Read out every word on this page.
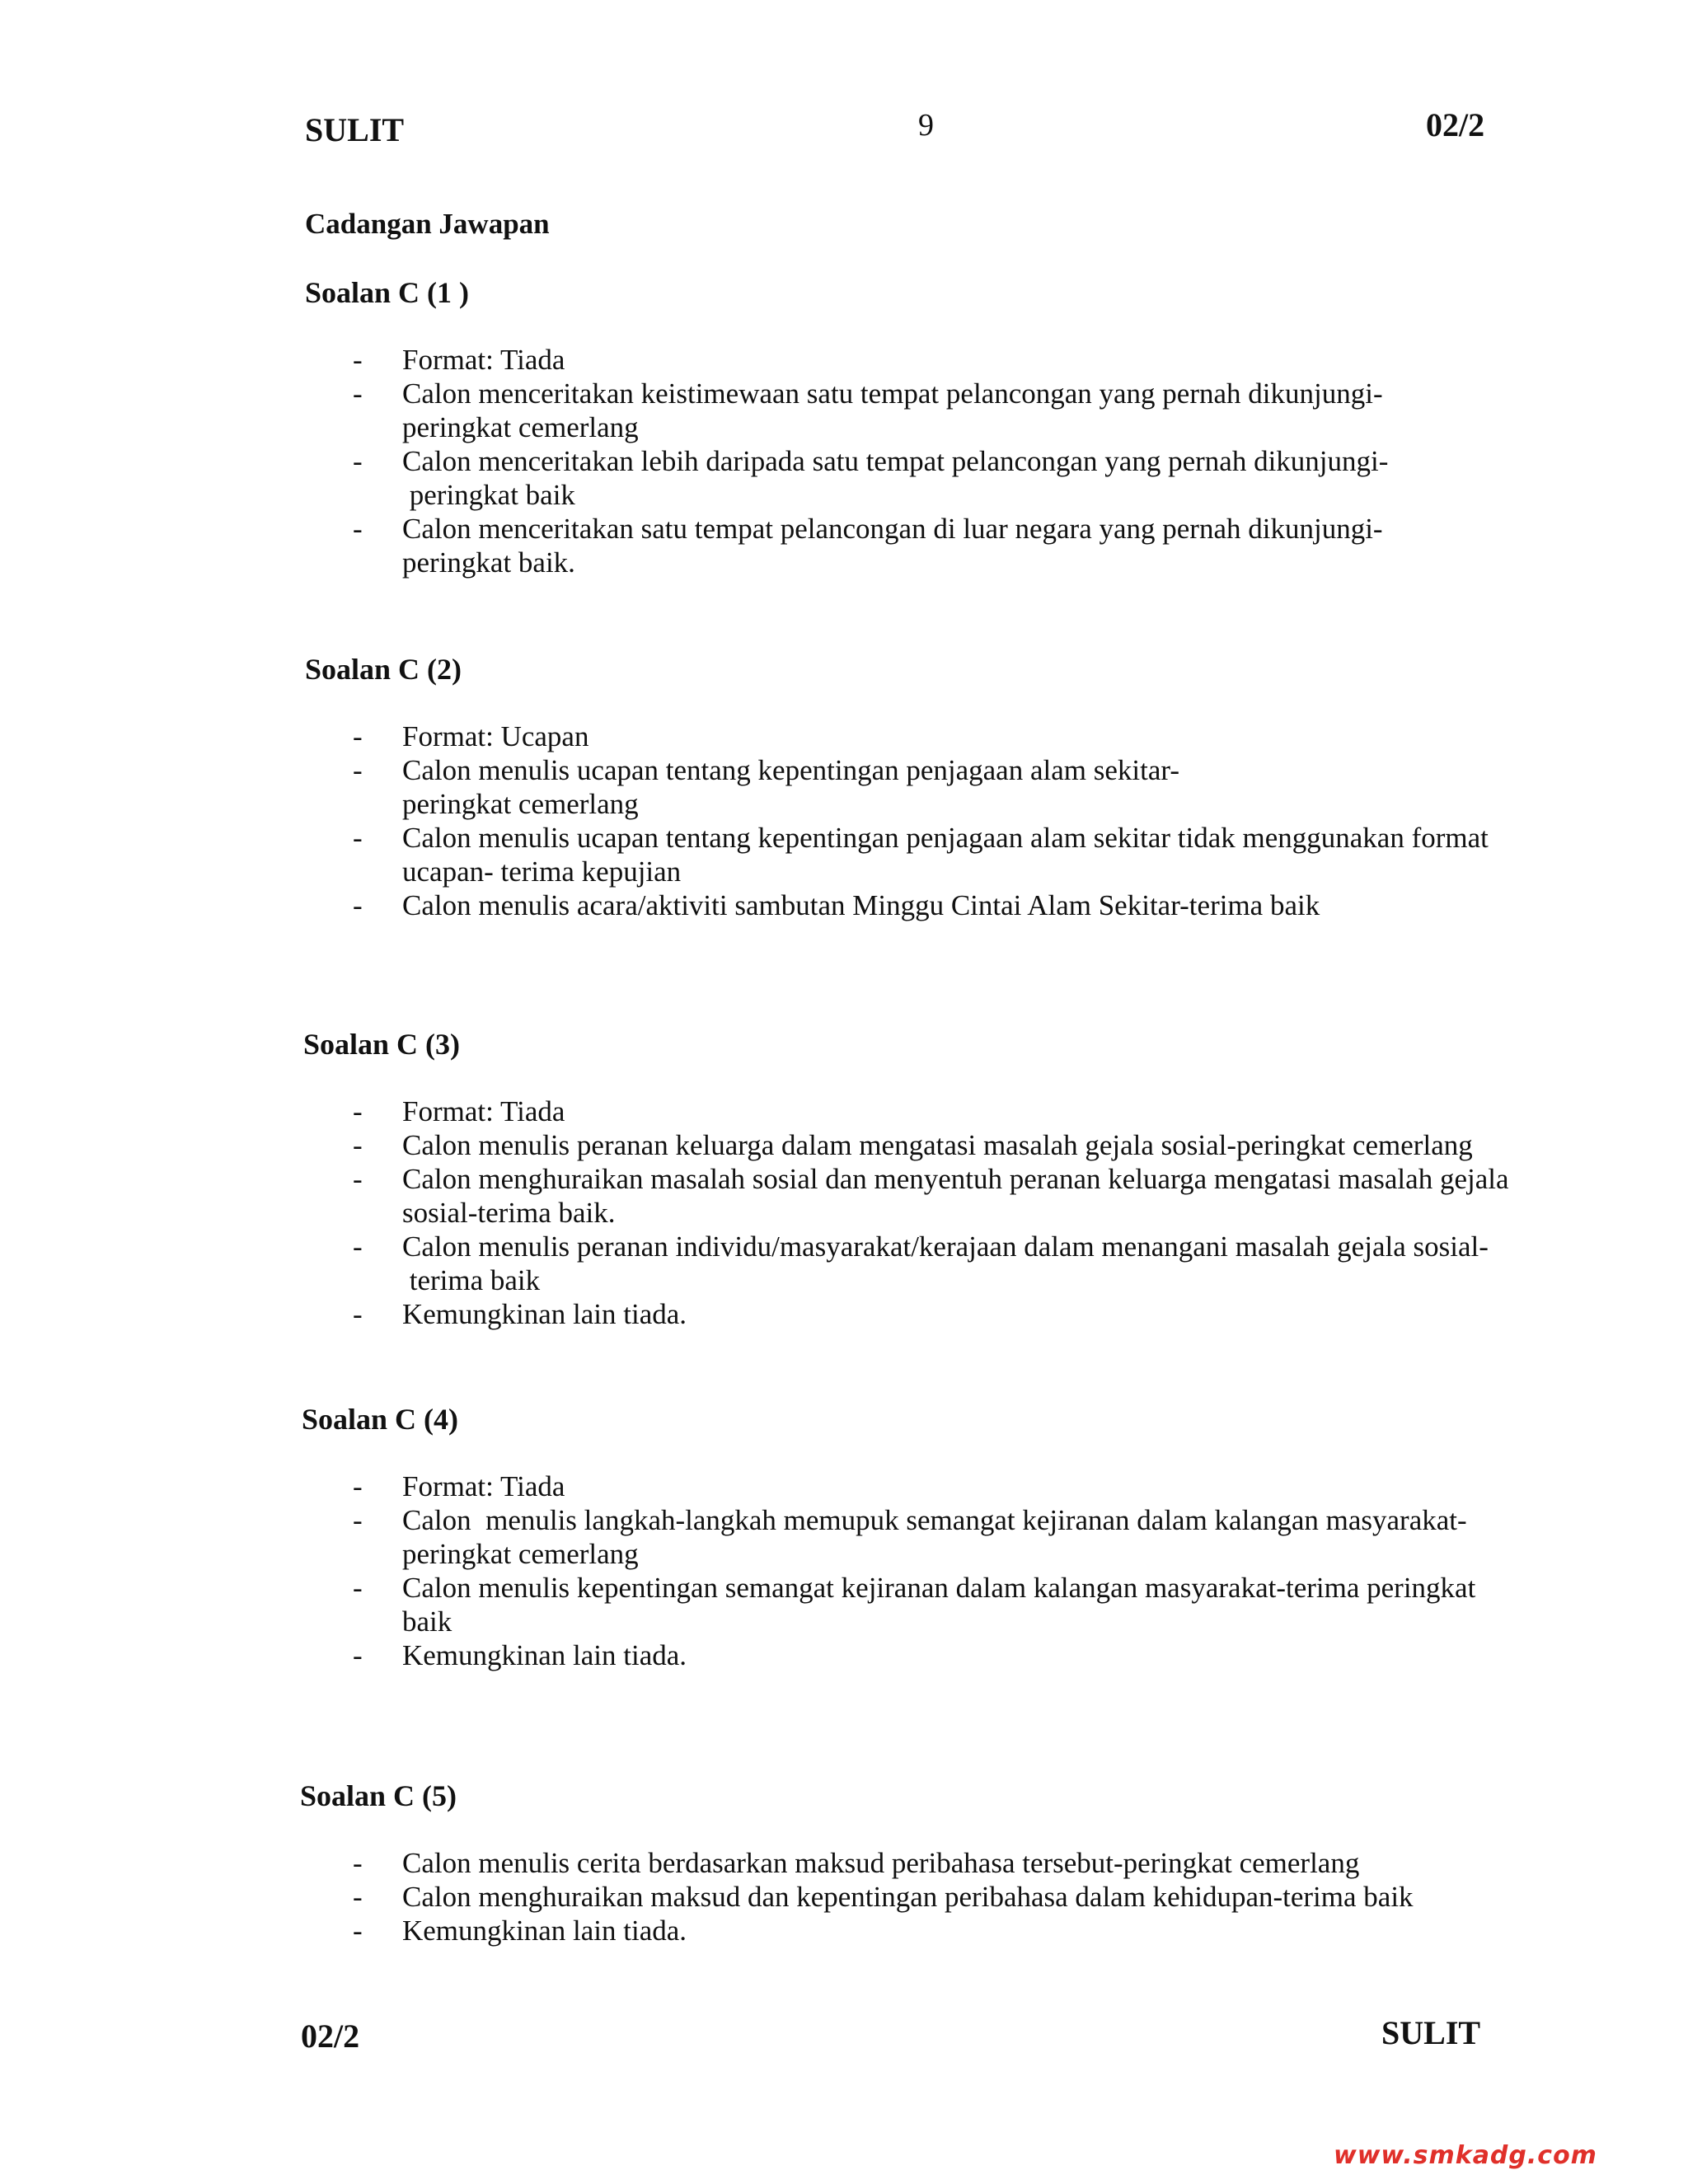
SULIT	9	02/2
Cadangan Jawapan
Soalan C (1 )
- Format: Tiada
- Calon menceritakan keistimewaan satu tempat pelancongan yang pernah dikunjungi-
peringkat cemerlang
- Calon menceritakan lebih daripada satu tempat pelancongan yang pernah dikunjungi-
peringkat baik
- Calon menceritakan satu tempat pelancongan di luar negara yang pernah dikunjungi-
peringkat baik.
Soalan C (2)
- Format: Ucapan
- Calon menulis ucapan tentang kepentingan penjagaan alam sekitar-
peringkat cemerlang
- Calon menulis ucapan tentang kepentingan penjagaan alam sekitar tidak menggunakan format
ucapan- terima kepujian
- Calon menulis acara/aktiviti sambutan Minggu Cintai Alam Sekitar-terima baik
Soalan C (3)
- Format: Tiada
- Calon menulis peranan keluarga dalam mengatasi masalah gejala sosial-peringkat cemerlang
- Calon menghuraikan masalah sosial dan menyentuh peranan keluarga mengatasi masalah gejala
sosial-terima baik.
- Calon menulis peranan individu/masyarakat/kerajaan dalam menangani masalah gejala sosial-
terima baik
- Kemungkinan lain tiada.
Soalan C (4)
- Format: Tiada
- Calon  menulis langkah-langkah memupuk semangat kejiranan dalam kalangan masyarakat-
peringkat cemerlang
- Calon menulis kepentingan semangat kejiranan dalam kalangan masyarakat-terima peringkat
baik
- Kemungkinan lain tiada.
Soalan C (5)
- Calon menulis cerita berdasarkan maksud peribahasa tersebut-peringkat cemerlang
- Calon menghuraikan maksud dan kepentingan peribahasa dalam kehidupan-terima baik
- Kemungkinan lain tiada.
02/2	SULIT
www.smkadg.com
